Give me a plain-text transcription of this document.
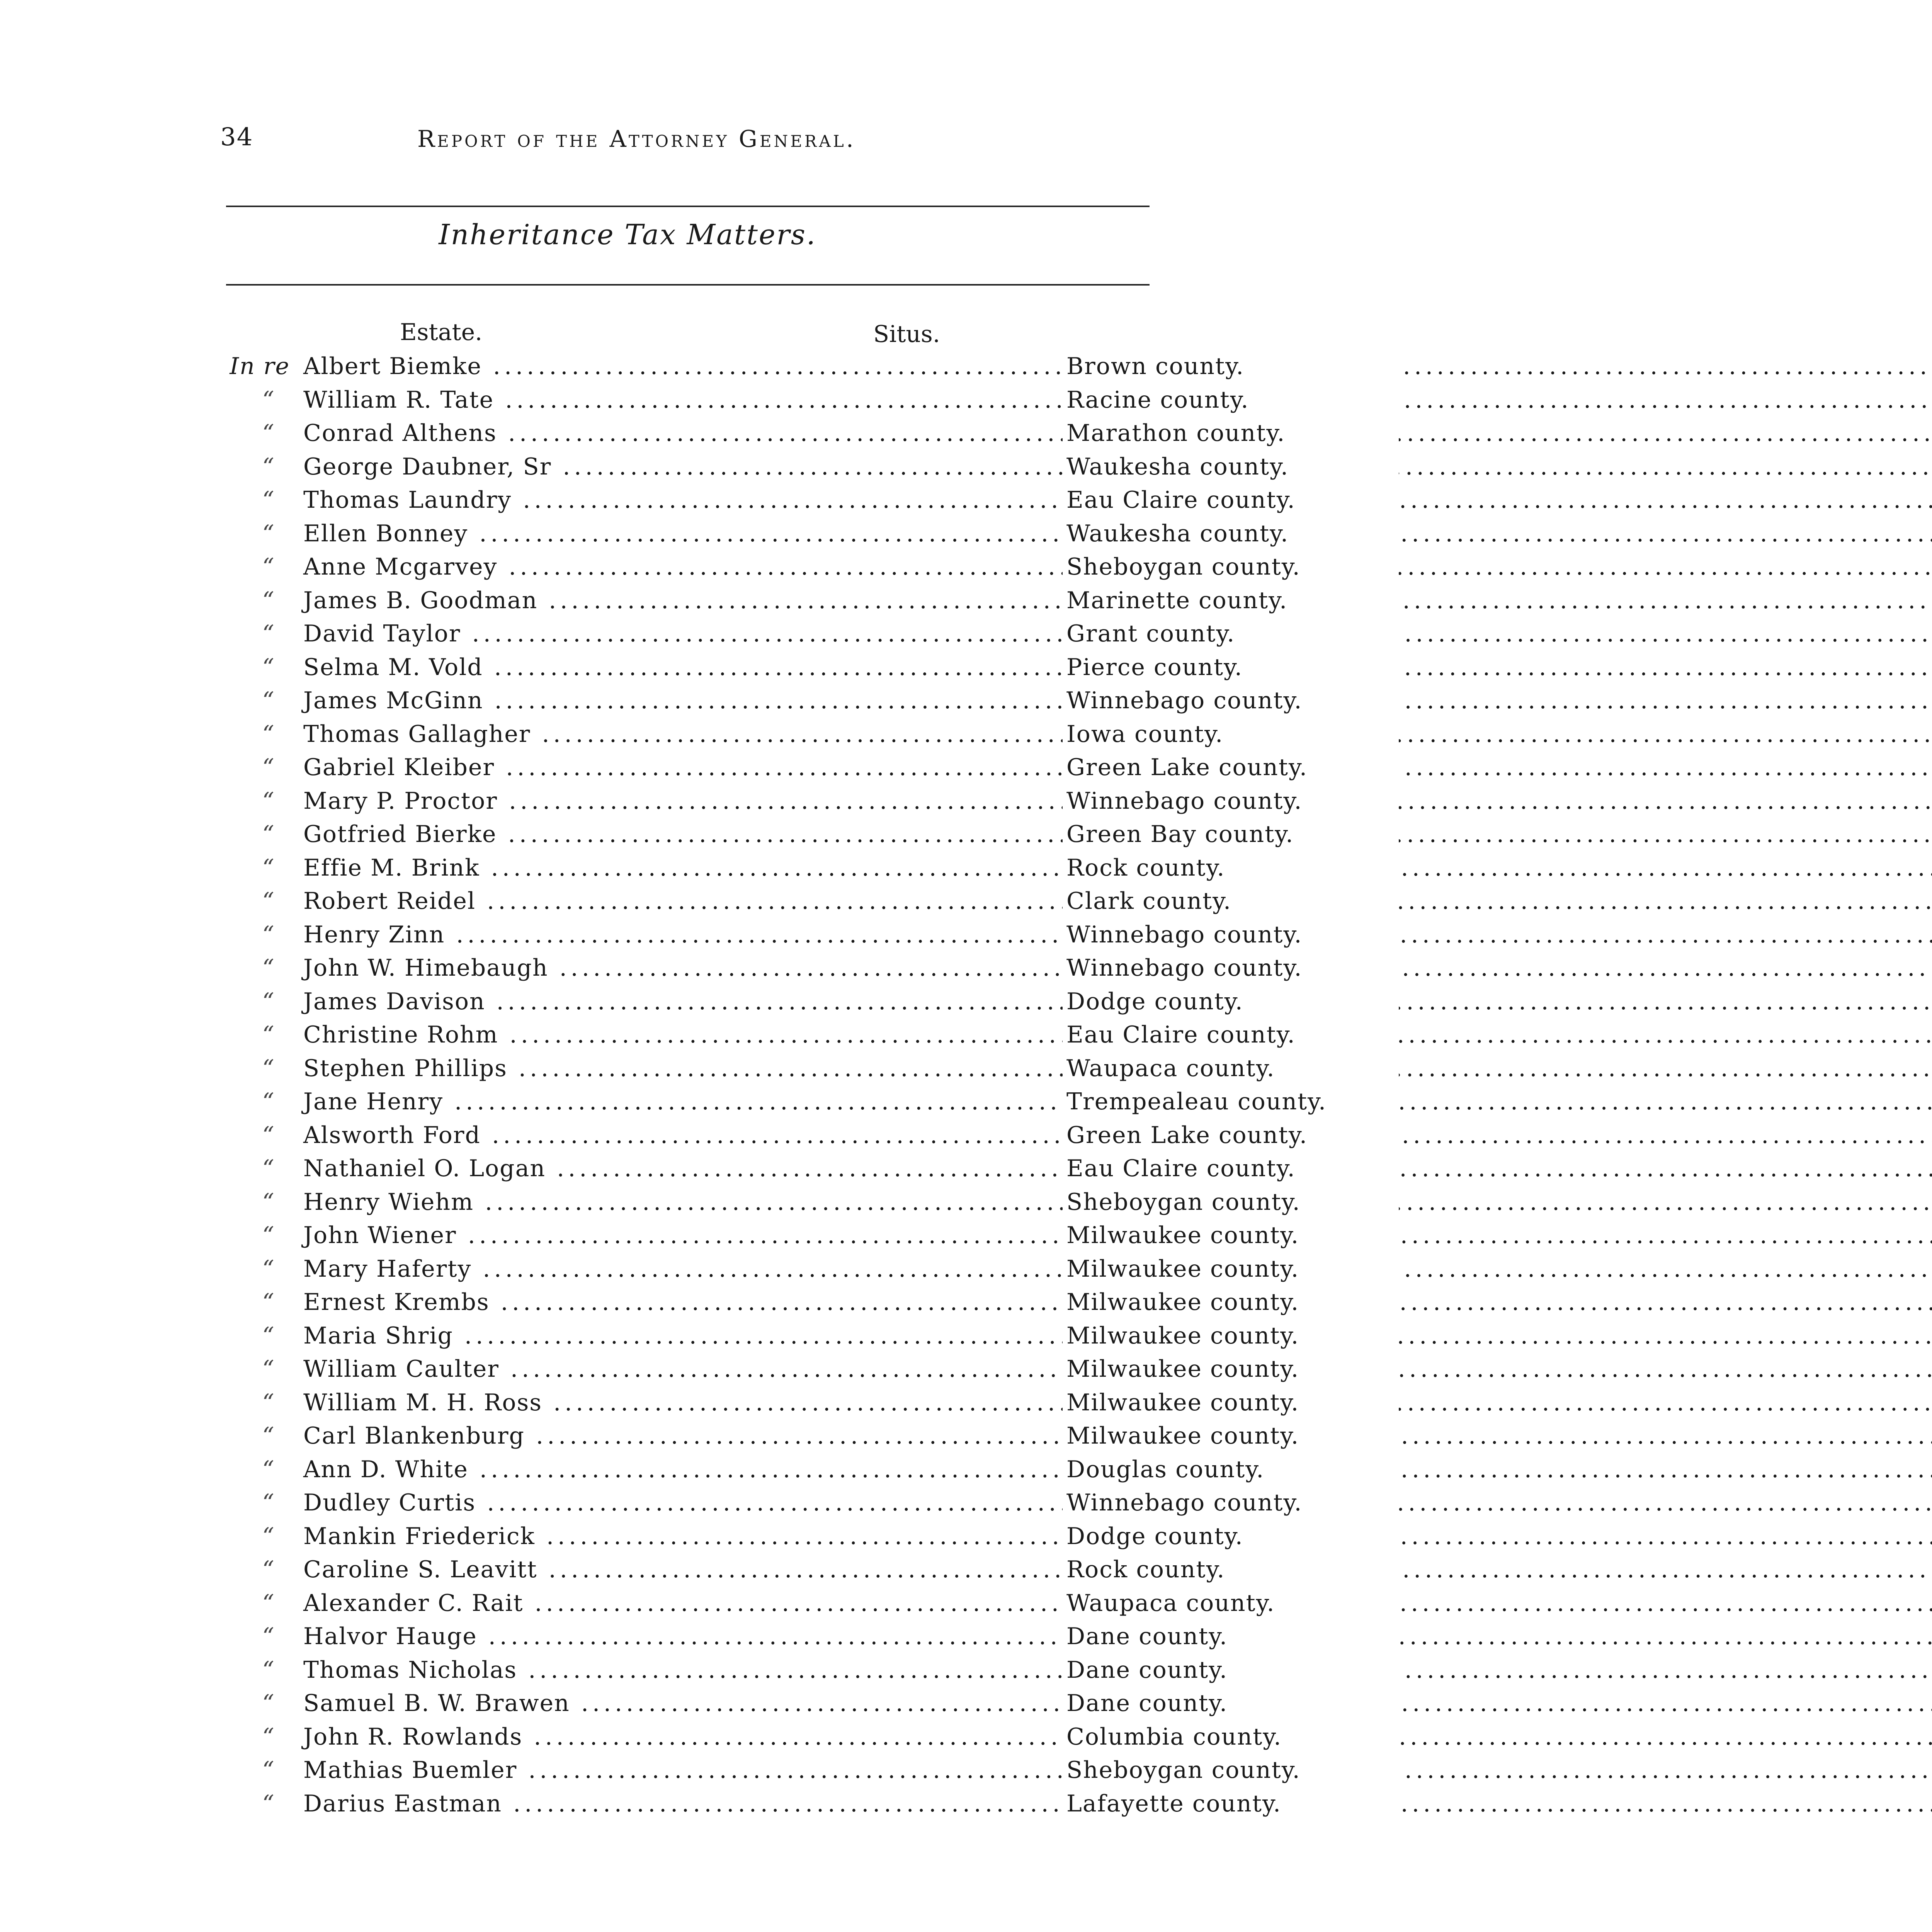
34	Report of the Attorney General.
Inheritance Tax Matters.
Estate.	Situs.
In re Albert Biemke .....	Brown county.
“	William R. Tate .....	Racine county.
“	Conrad Althens .....	Marathon county.
“	George Daubner, Sr .....	Waukesha county.
“	Thomas Laundry .....	Eau Claire county.
“	Ellen Bonney .....	Waukesha county.
“	Anne Mcgarvey .....	Sheboygan county.
“	James B. Goodman .....	Marinette county.
“	David Taylor .....	Grant county.
“	Selma M. Vold .....	Pierce county.
“	James McGinn .....	Winnebago county.
“	Thomas Gallagher .....	Iowa county.
“	Gabriel Kleiber .....	Green Lake county.
“	Mary P. Proctor .....	Winnebago county.
“	Gotfried Bierke .....	Green Bay county.
“	Effie M. Brink .....	Rock county.
“	Robert Reidel .....	Clark county.
“	Henry Zinn .....	Winnebago county.
“	John W. Himebaugh .....	Winnebago county.
“	James Davison .....	Dodge county.
“	Christine Rohm .....	Eau Claire county.
“	Stephen Phillips .....	Waupaca county.
“	Jane Henry .....	Trempealeau county.
“	Alsworth Ford .....	Green Lake county.
“	Nathaniel O. Logan .....	Eau Claire county.
“	Henry Wiehm .....	Sheboygan county.
“	John Wiener .....	Milwaukee county.
“	Mary Haferty .....	Milwaukee county.
“	Ernest Krembs .....	Milwaukee county.
“	Maria Shrig .....	Milwaukee county.
“	William Caulter .....	Milwaukee county.
“	William M. H. Ross .....	Milwaukee county.
“	Carl Blankenburg .....	Milwaukee county.
“	Ann D. White .....	Douglas county.
“	Dudley Curtis .....	Winnebago county.
“	Mankin Friederick .....	Dodge county.
“	Caroline S. Leavitt .....	Rock county.
“	Alexander C. Rait .....	Waupaca county.
“	Halvor Hauge .....	Dane county.
“	Thomas Nicholas .....	Dane county.
“	Samuel B. W. Brawen .....	Dane county.
“	John R. Rowlands .....	Columbia county.
“	Mathias Buemler .....	Sheboygan county.
“	Darius Eastman .....	Lafayette county.
